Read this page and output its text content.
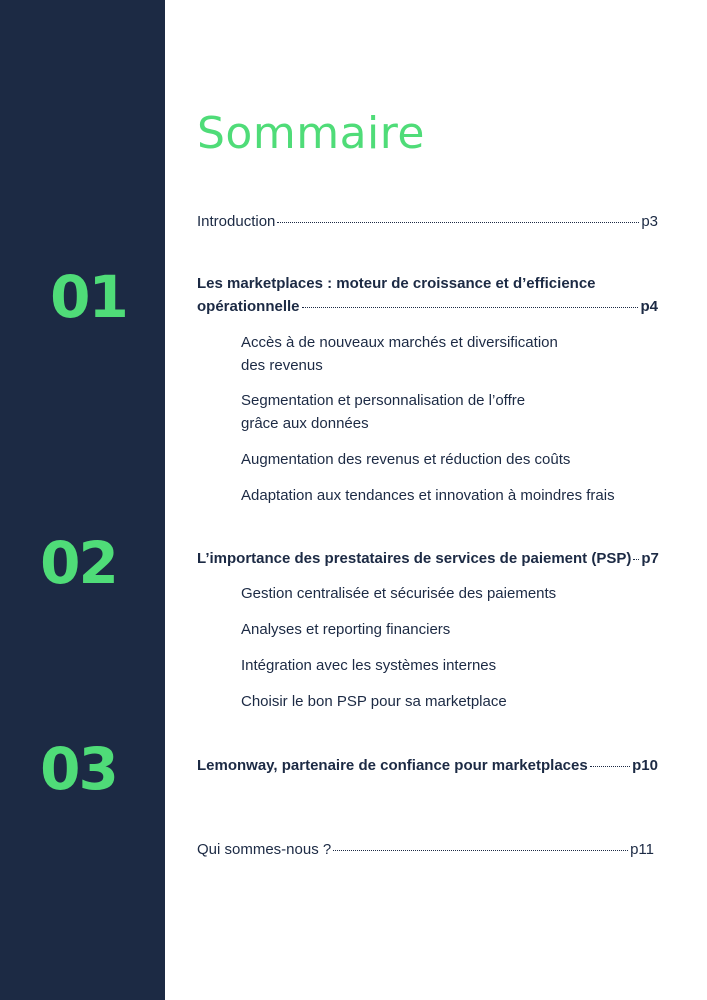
01
02
03
Sommaire
Introduction	p3
Les marketplaces : moteur de croissance et d’efficience
opérationnelle	p4
Accès à de nouveaux marchés et diversification
des revenus
Segmentation et personnalisation de l’offre
grâce aux données
Augmentation des revenus et réduction des coûts
Adaptation aux tendances et innovation à moindres frais
L’importance des prestataires de services de paiement (PSP) p7
Gestion centralisée et sécurisée des paiements
Analyses et reporting financiers
Intégration avec les systèmes internes
Choisir le bon PSP pour sa marketplace
Lemonway, partenaire de confiance pour marketplaces	p10
Qui sommes-nous ?	p11
